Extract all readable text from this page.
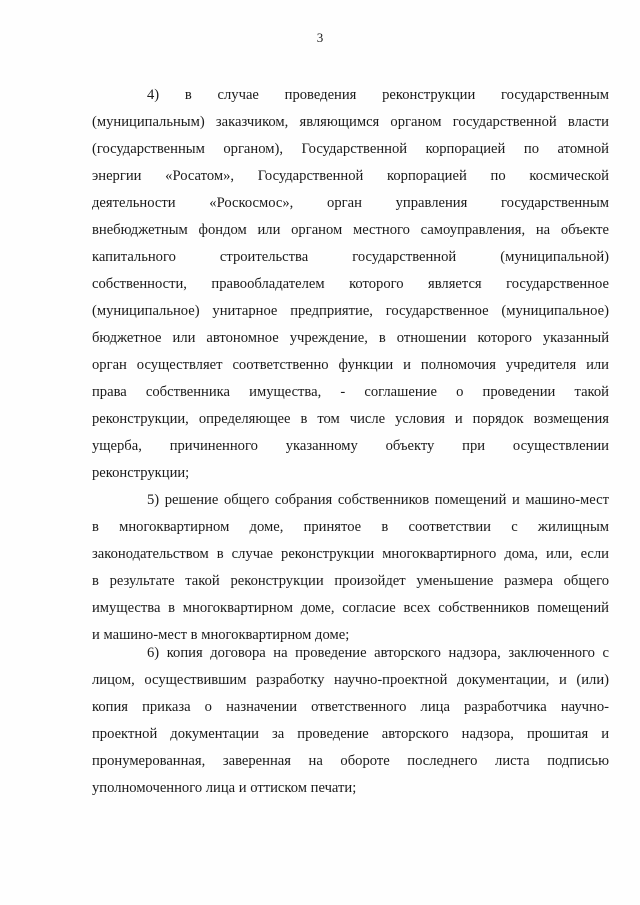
3
4) в случае проведения реконструкции государственным
(муниципальным) заказчиком, являющимся органом государственной власти
(государственным органом), Государственной корпорацией по атомной
энергии «Росатом», Государственной корпорацией по космической
деятельности «Роскосмос», орган управления государственным
внебюджетным фондом или органом местного самоуправления, на объекте
капитального строительства государственной (муниципальной)
собственности, правообладателем которого является государственное
(муниципальное) унитарное предприятие, государственное (муниципальное)
бюджетное или автономное учреждение, в отношении которого указанный
орган осуществляет соответственно функции и полномочия учредителя или
права собственника имущества, - соглашение о проведении такой
реконструкции, определяющее в том числе условия и порядок возмещения
ущерба, причиненного указанному объекту при осуществлении
реконструкции;
5) решение общего собрания собственников помещений и машино-мест
в многоквартирном доме, принятое в соответствии с жилищным
законодательством в случае реконструкции многоквартирного дома, или, если
в результате такой реконструкции произойдет уменьшение размера общего
имущества в многоквартирном доме, согласие всех собственников помещений
и машино-мест в многоквартирном доме;
6) копия договора на проведение авторского надзора, заключенного с
лицом, осуществившим разработку научно-проектной документации, и (или)
копия приказа о назначении ответственного лица разработчика научно-
проектной документации за проведение авторского надзора, прошитая и
пронумерованная, заверенная на обороте последнего листа подписью
уполномоченного лица и оттиском печати;
